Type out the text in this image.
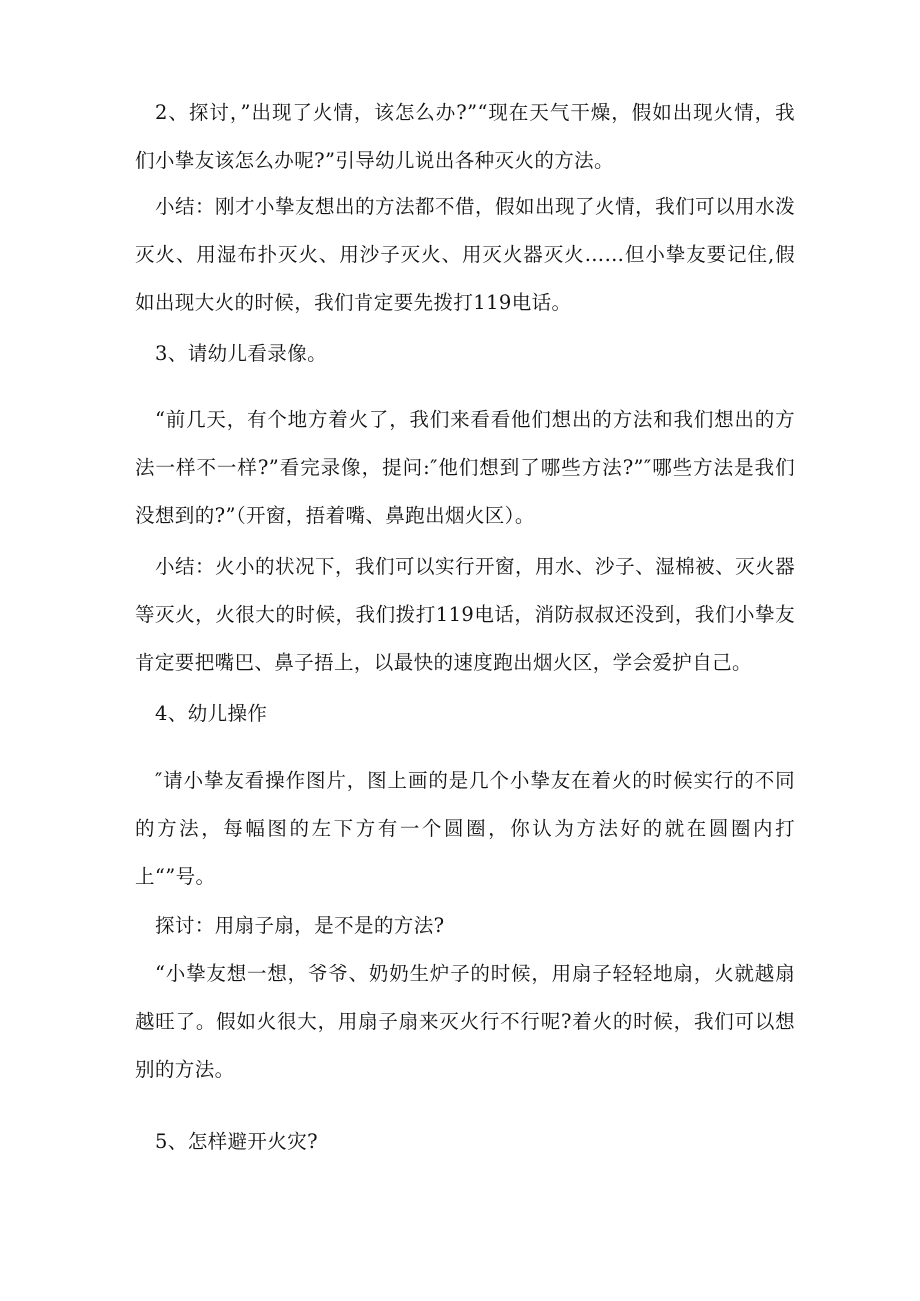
2、探讨，”出现了火情，该怎么办?”“现在天气干燥，假如出现火情，我们小挚友该怎么办呢?”引导幼儿说出各种灭火的方法。

小结：刚才小挚友想出的方法都不借，假如出现了火情，我们可以用水泼灭火、用湿布扑灭火、用沙子灭火、用灭火器灭火……但小挚友要记住,假如出现大火的时候，我们肯定要先拨打119电话。

3、请幼儿看录像。

“前几天，有个地方着火了，我们来看看他们想出的方法和我们想出的方法一样不一样?”看完录像，提问:″他们想到了哪些方法?”″哪些方法是我们没想到的?”（开窗，捂着嘴、鼻跑出烟火区）。

小结：火小的状况下，我们可以实行开窗，用水、沙子、湿棉被、灭火器等灭火，火很大的时候，我们拨打119电话，消防叔叔还没到，我们小挚友肯定要把嘴巴、鼻子捂上，以最快的速度跑出烟火区，学会爱护自己。

4、幼儿操作

″请小挚友看操作图片，图上画的是几个小挚友在着火的时候实行的不同的方法，每幅图的左下方有一个圆圈，你认为方法好的就在圆圈内打上“”号。

探讨：用扇子扇，是不是的方法?

“小挚友想一想，爷爷、奶奶生炉子的时候，用扇子轻轻地扇，火就越扇越旺了。假如火很大，用扇子扇来灭火行不行呢?着火的时候，我们可以想别的方法。

5、怎样避开火灾?
